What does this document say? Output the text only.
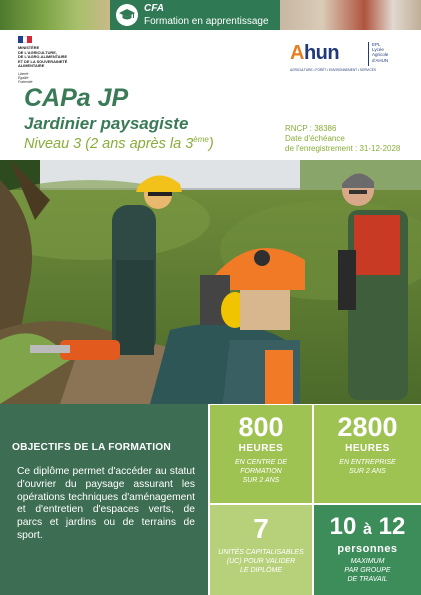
CFA
Formation en apprentissage
MINISTÈRE
DE L'AGRICULTURE,
DE L'AGRO-ALIMENTAIRE
ET DE LA SOUVERAINETÉ
ALIMENTAIRE
Liberté
Égalité
Fraternité
Ahun	EPL
Lycée
Agricole
d'AHUN
AGRICULTURE • FORÊT • ENVIRONNEMENT • SERVICES
CAPa JP
Jardinier paysagiste
Niveau 3 (2 ans après la 3ème)
RNCP : 38386
Date d'échéance
de l'enregistrement : 31-12-2028
OBJECTIFS DE LA FORMATION
Ce diplôme permet d'accéder au statut d'ouvrier du paysage assurant les opérations techniques d'aménagement et d'entretien d'espaces verts, de parcs et jardins ou de terrains de sport.
800
HEURES
EN CENTRE DE
FORMATION
SUR 2 ANS
2800
HEURES
EN ENTREPRISE
SUR 2 ANS
7
UNITÉS CAPITALISABLES
(UC) POUR VALIDER
LE DIPLÔME
10 à 12
personnes
MAXIMUM
PAR GROUPE
DE TRAVAIL
